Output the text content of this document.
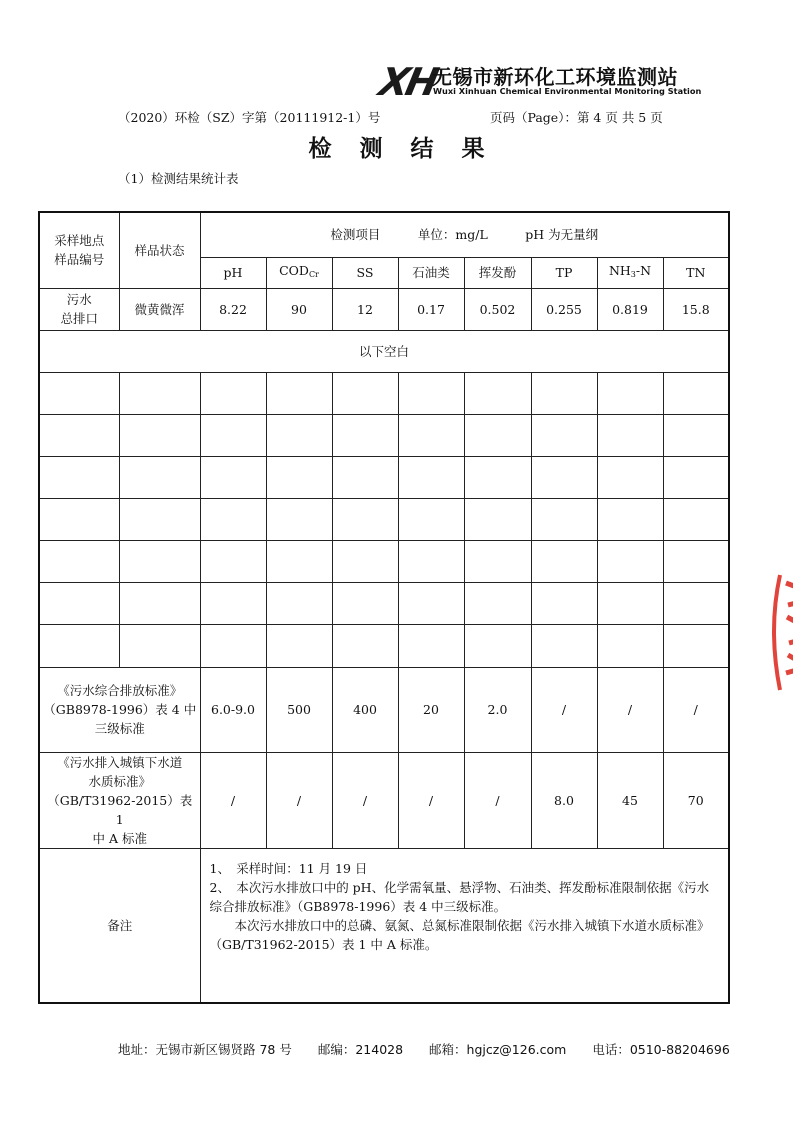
XH
无锡市新环化工环境监测站
Wuxi Xinhuan Chemical Environmental Monitoring Station
（2020）环检（SZ）字第（20111912-1）号	页码（Page）：第 4 页 共 5 页
检 测 结 果
（1）检测结果统计表
采样地点
样品编号	样品状态	检测项目　　　单位：mg/L　　　pH 为无量纲							
		pH	$COD_{Cr}$	SS	石油类	挥发酚	TP	$NH_3-N$	TN
污水
总排口	微黄微浑	8.22	90	12	0.17	0.502	0.255	0.819	15.8
以下空白									

《污水综合排放标准》
（GB8978-1996）表 4 中
三级标准		6.0-9.0	500	400	20	2.0	/	/	/
《污水排入城镇下水道
水质标准》
（GB/T31962-2015）表 1
中 A 标准		/	/	/	/	/	8.0	45	70
备注		1、　采样时间：11 月 19 日

2、　本次污水排放口中的 pH、化学需氧量、悬浮物、石油类、挥发酚标准限制依据《污水综合排放标准》（GB8978-1996）表 4 中三级标准。

本次污水排放口中的总磷、氨氮、总氮标准限制依据《污水排入城镇下水道水质标准》（GB/T31962-2015）表 1 中 A 标准。							

地址：无锡市新区锡贤路 78 号 邮编：214028 邮箱：hgjcz@126.com 电话：0510-88204696
